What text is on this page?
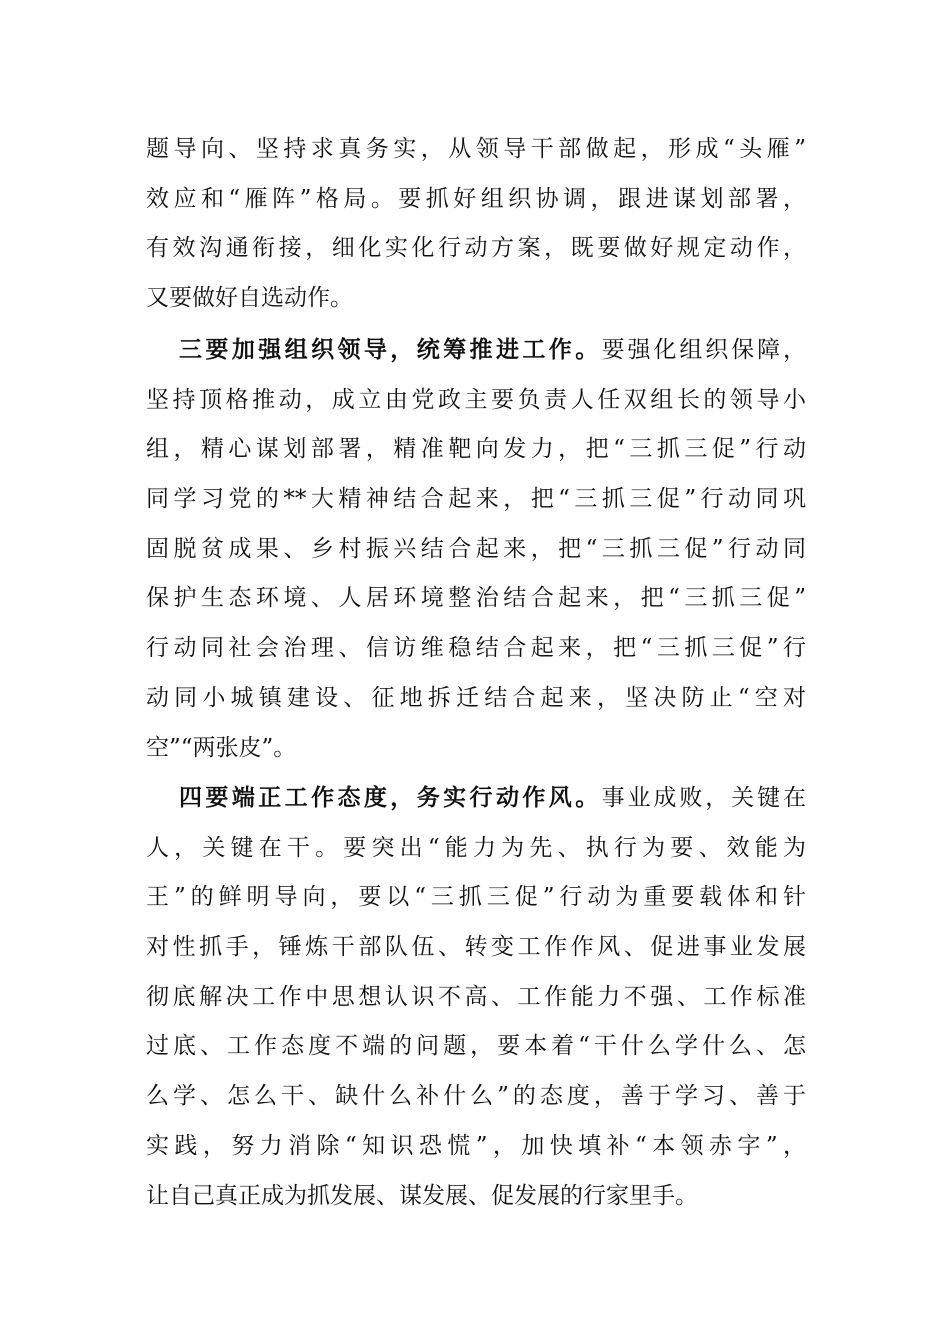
题导向、坚持求真务实，从领导干部做起，形成“头雁”
效应和“雁阵”格局。要抓好组织协调，跟进谋划部署，
有效沟通衔接，细化实化行动方案，既要做好规定动作，
又要做好自选动作。
三要加强组织领导，统筹推进工作。要强化组织保障，
坚持顶格推动，成立由党政主要负责人任双组长的领导小
组，精心谋划部署，精准靶向发力，把“三抓三促”行动
同学习党的**大精神结合起来，把“三抓三促”行动同巩
固脱贫成果、乡村振兴结合起来，把“三抓三促”行动同
保护生态环境、人居环境整治结合起来，把“三抓三促”
行动同社会治理、信访维稳结合起来，把“三抓三促”行
动同小城镇建设、征地拆迁结合起来，坚决防止“空对
空”“两张皮”。
四要端正工作态度，务实行动作风。事业成败，关键在
人，关键在干。要突出“能力为先、执行为要、效能为
王”的鲜明导向，要以“三抓三促”行动为重要载体和针
对性抓手，锤炼干部队伍、转变工作作风、促进事业发展
彻底解决工作中思想认识不高、工作能力不强、工作标准
过底、工作态度不端的问题，要本着“干什么学什么、怎
么学、怎么干、缺什么补什么”的态度，善于学习、善于
实践，努力消除“知识恐慌”，加快填补“本领赤字”，
让自己真正成为抓发展、谋发展、促发展的行家里手。
